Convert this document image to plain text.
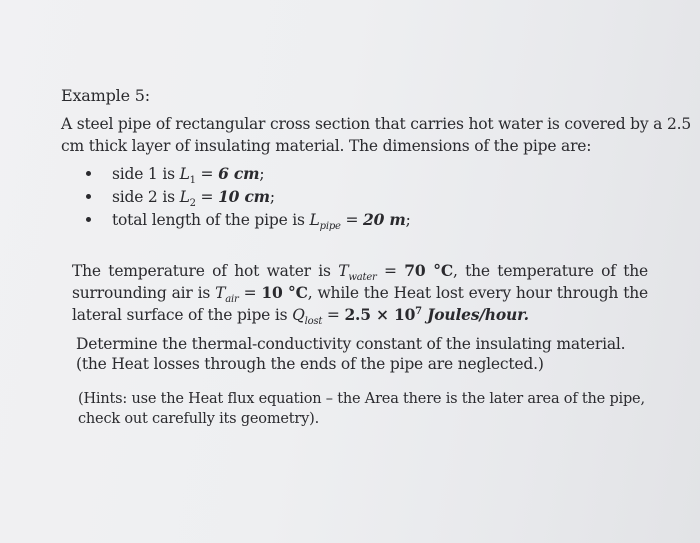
Example 5:
A steel pipe of rectangular cross section that carries hot water is covered by a 2.5
cm thick layer of insulating material. The dimensions of the pipe are:
side 1 is $L_1 = 6$ cm;
side 2 is $L_2 = 10$ cm;
total length of the pipe is $L_{pipe} = 20$ m;
The temperature of hot water is $T_{water} = 70$ °C, the temperature of the surrounding air is $T_{air} = 10$ °C, while the Heat lost every hour through the lateral surface of the pipe is $Q_{lost} = 2.5 \times 10^7$ Joules/hour.
Determine the thermal-conductivity constant of the insulating material.
(the Heat losses through the ends of the pipe are neglected.)
(Hints: use the Heat flux equation – the Area there is the later area of the pipe,
check out carefully its geometry).
